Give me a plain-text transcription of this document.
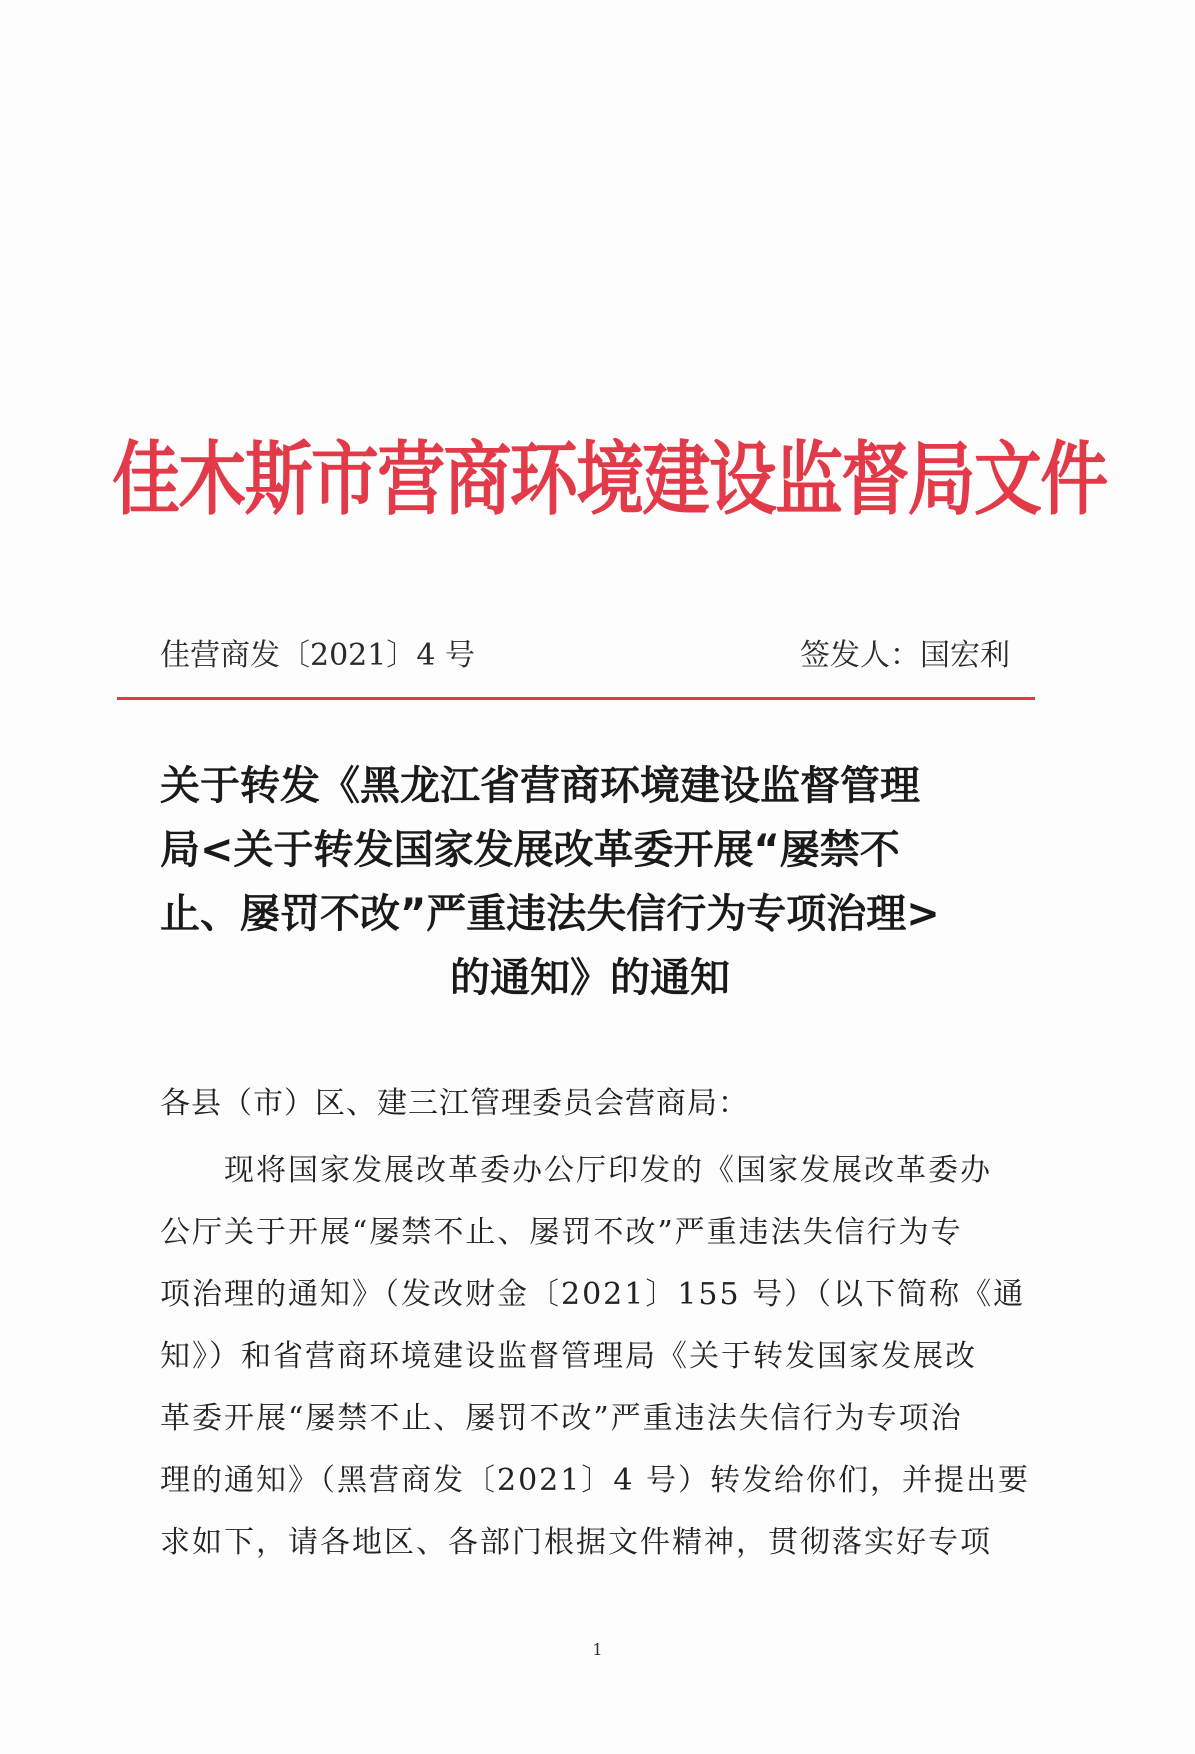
佳木斯市营商环境建设监督局文件
佳营商发〔2021〕4 号	签发人：国宏利
关于转发《黑龙江省营商环境建设监督管理
局<关于转发国家发展改革委开展“屡禁不
止、屡罚不改”严重违法失信行为专项治理>
的通知》的通知
各县（市）区、建三江管理委员会营商局：
现将国家发展改革委办公厅印发的《国家发展改革委办
公厅关于开展“屡禁不止、屡罚不改”严重违法失信行为专
项治理的通知》（发改财金〔2021〕155 号）（以下简称《通
知》）和省营商环境建设监督管理局《关于转发国家发展改
革委开展“屡禁不止、屡罚不改”严重违法失信行为专项治
理的通知》（黑营商发〔2021〕4 号）转发给你们，并提出要
求如下，请各地区、各部门根据文件精神，贯彻落实好专项
1
